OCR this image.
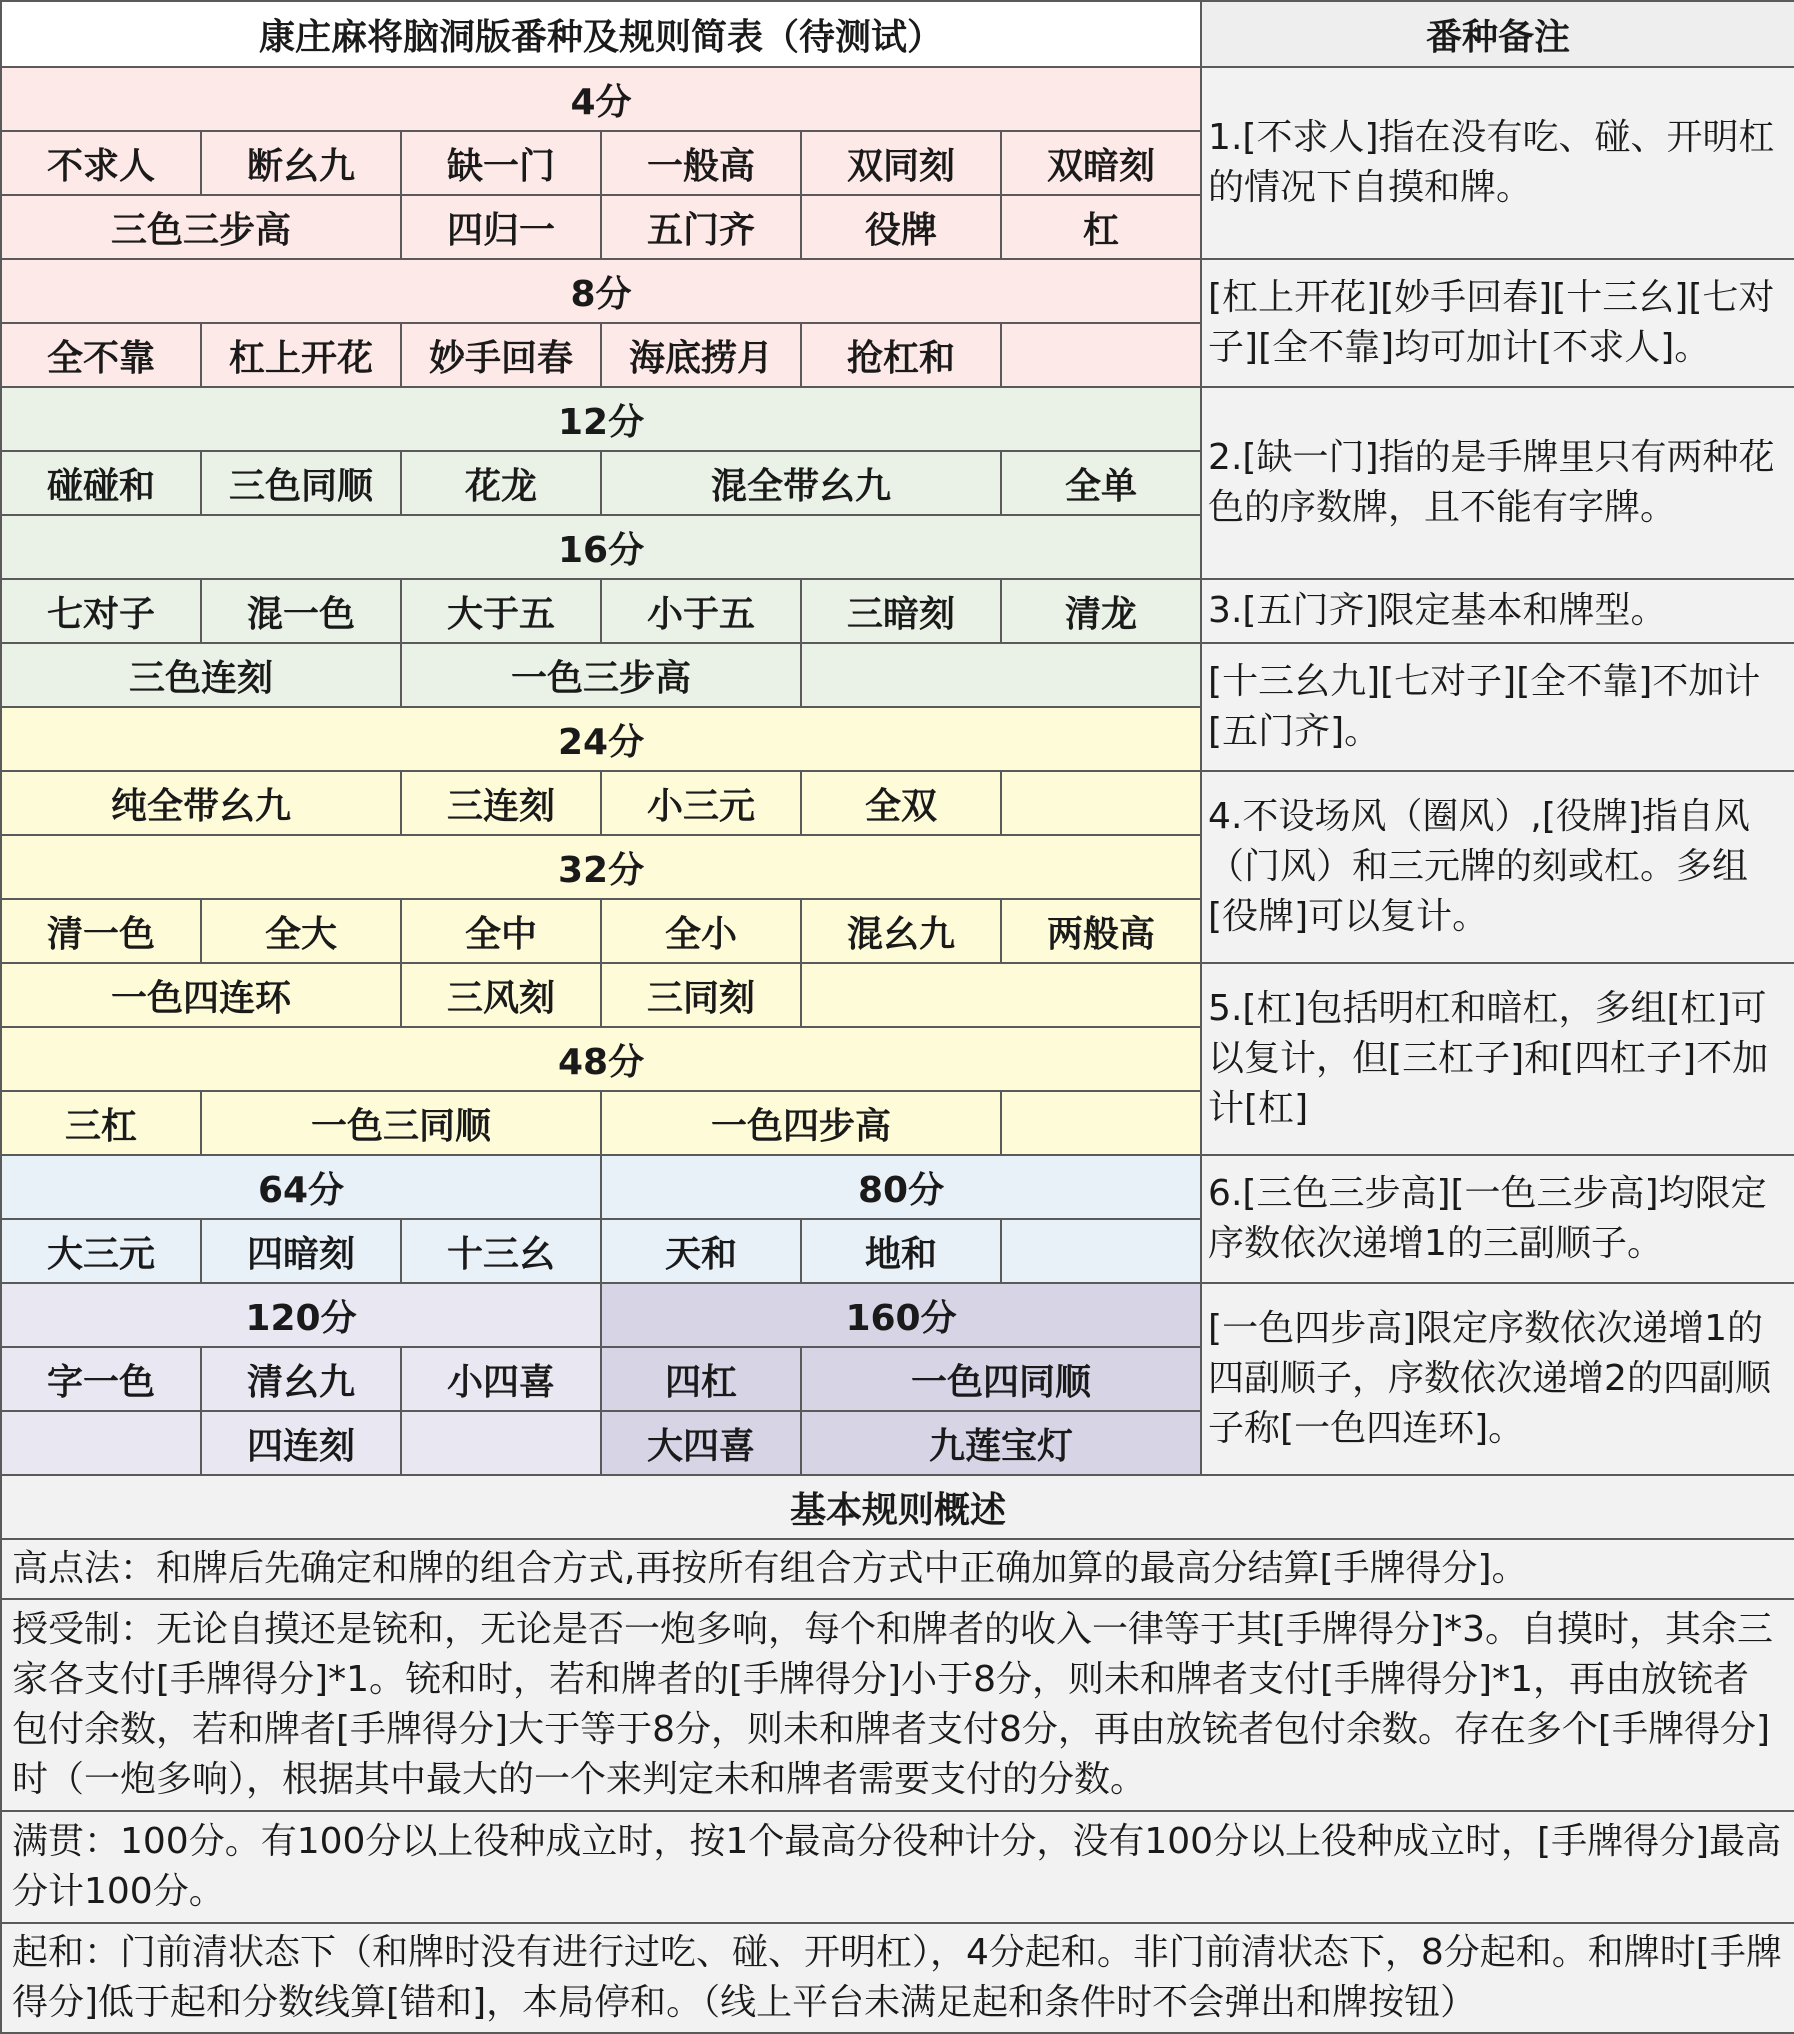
康庄麻将脑洞版番种及规则简表（待测试）						番种备注
4分						1.[不求人]指在没有吃、碰、开明杠的情况下自摸和牌。
不求人	断幺九	缺一门	一般高	双同刻	双暗刻	
三色三步高		四归一	五门齐	役牌	杠	
8分						[杠上开花][妙手回春][十三幺][七对子][全不靠]均可加计[不求人]。
全不靠	杠上开花	妙手回春	海底捞月	抢杠和		
12分						2.[缺一门]指的是手牌里只有两种花色的序数牌，且不能有字牌。
碰碰和	三色同顺	花龙	混全带幺九		全单	
16分						
七对子	混一色	大于五	小于五	三暗刻	清龙	3.[五门齐]限定基本和牌型。
三色连刻		一色三步高				[十三幺九][七对子][全不靠]不加计[五门齐]。
24分						
纯全带幺九		三连刻	小三元	全双		4.不设场风（圈风）,[役牌]指自风（门风）和三元牌的刻或杠。多组[役牌]可以复计。
32分						
清一色	全大	全中	全小	混幺九	两般高	
一色四连环		三风刻	三同刻			5.[杠]包括明杠和暗杠，多组[杠]可以复计，但[三杠子]和[四杠子]不加计[杠]
48分						
三杠	一色三同顺		一色四步高			
64分			80分			6.[三色三步高][一色三步高]均限定序数依次递增1的三副顺子。
大三元	四暗刻	十三幺	天和	地和		
120分			160分			[一色四步高]限定序数依次递增1的四副顺子，序数依次递增2的四副顺子称[一色四连环]。
字一色	清幺九	小四喜	四杠	一色四同顺		
	四连刻		大四喜	九莲宝灯		
基本规则概述						
高点法：和牌后先确定和牌的组合方式,再按所有组合方式中正确加算的最高分结算[手牌得分]。						
授受制：无论自摸还是铳和，无论是否一炮多响，每个和牌者的收入一律等于其[手牌得分]*3。自摸时，其余三家各支付[手牌得分]*1。铳和时，若和牌者的[手牌得分]小于8分，则未和牌者支付[手牌得分]*1，再由放铳者包付余数，若和牌者[手牌得分]大于等于8分，则未和牌者支付8分，再由放铳者包付余数。存在多个[手牌得分]时（一炮多响），根据其中最大的一个来判定未和牌者需要支付的分数。						
满贯：100分。有100分以上役种成立时，按1个最高分役种计分，没有100分以上役种成立时，[手牌得分]最高分计100分。						
起和：门前清状态下（和牌时没有进行过吃、碰、开明杠），4分起和。非门前清状态下，8分起和。和牌时[手牌得分]低于起和分数线算[错和]，本局停和。（线上平台未满足起和条件时不会弹出和牌按钮）						
